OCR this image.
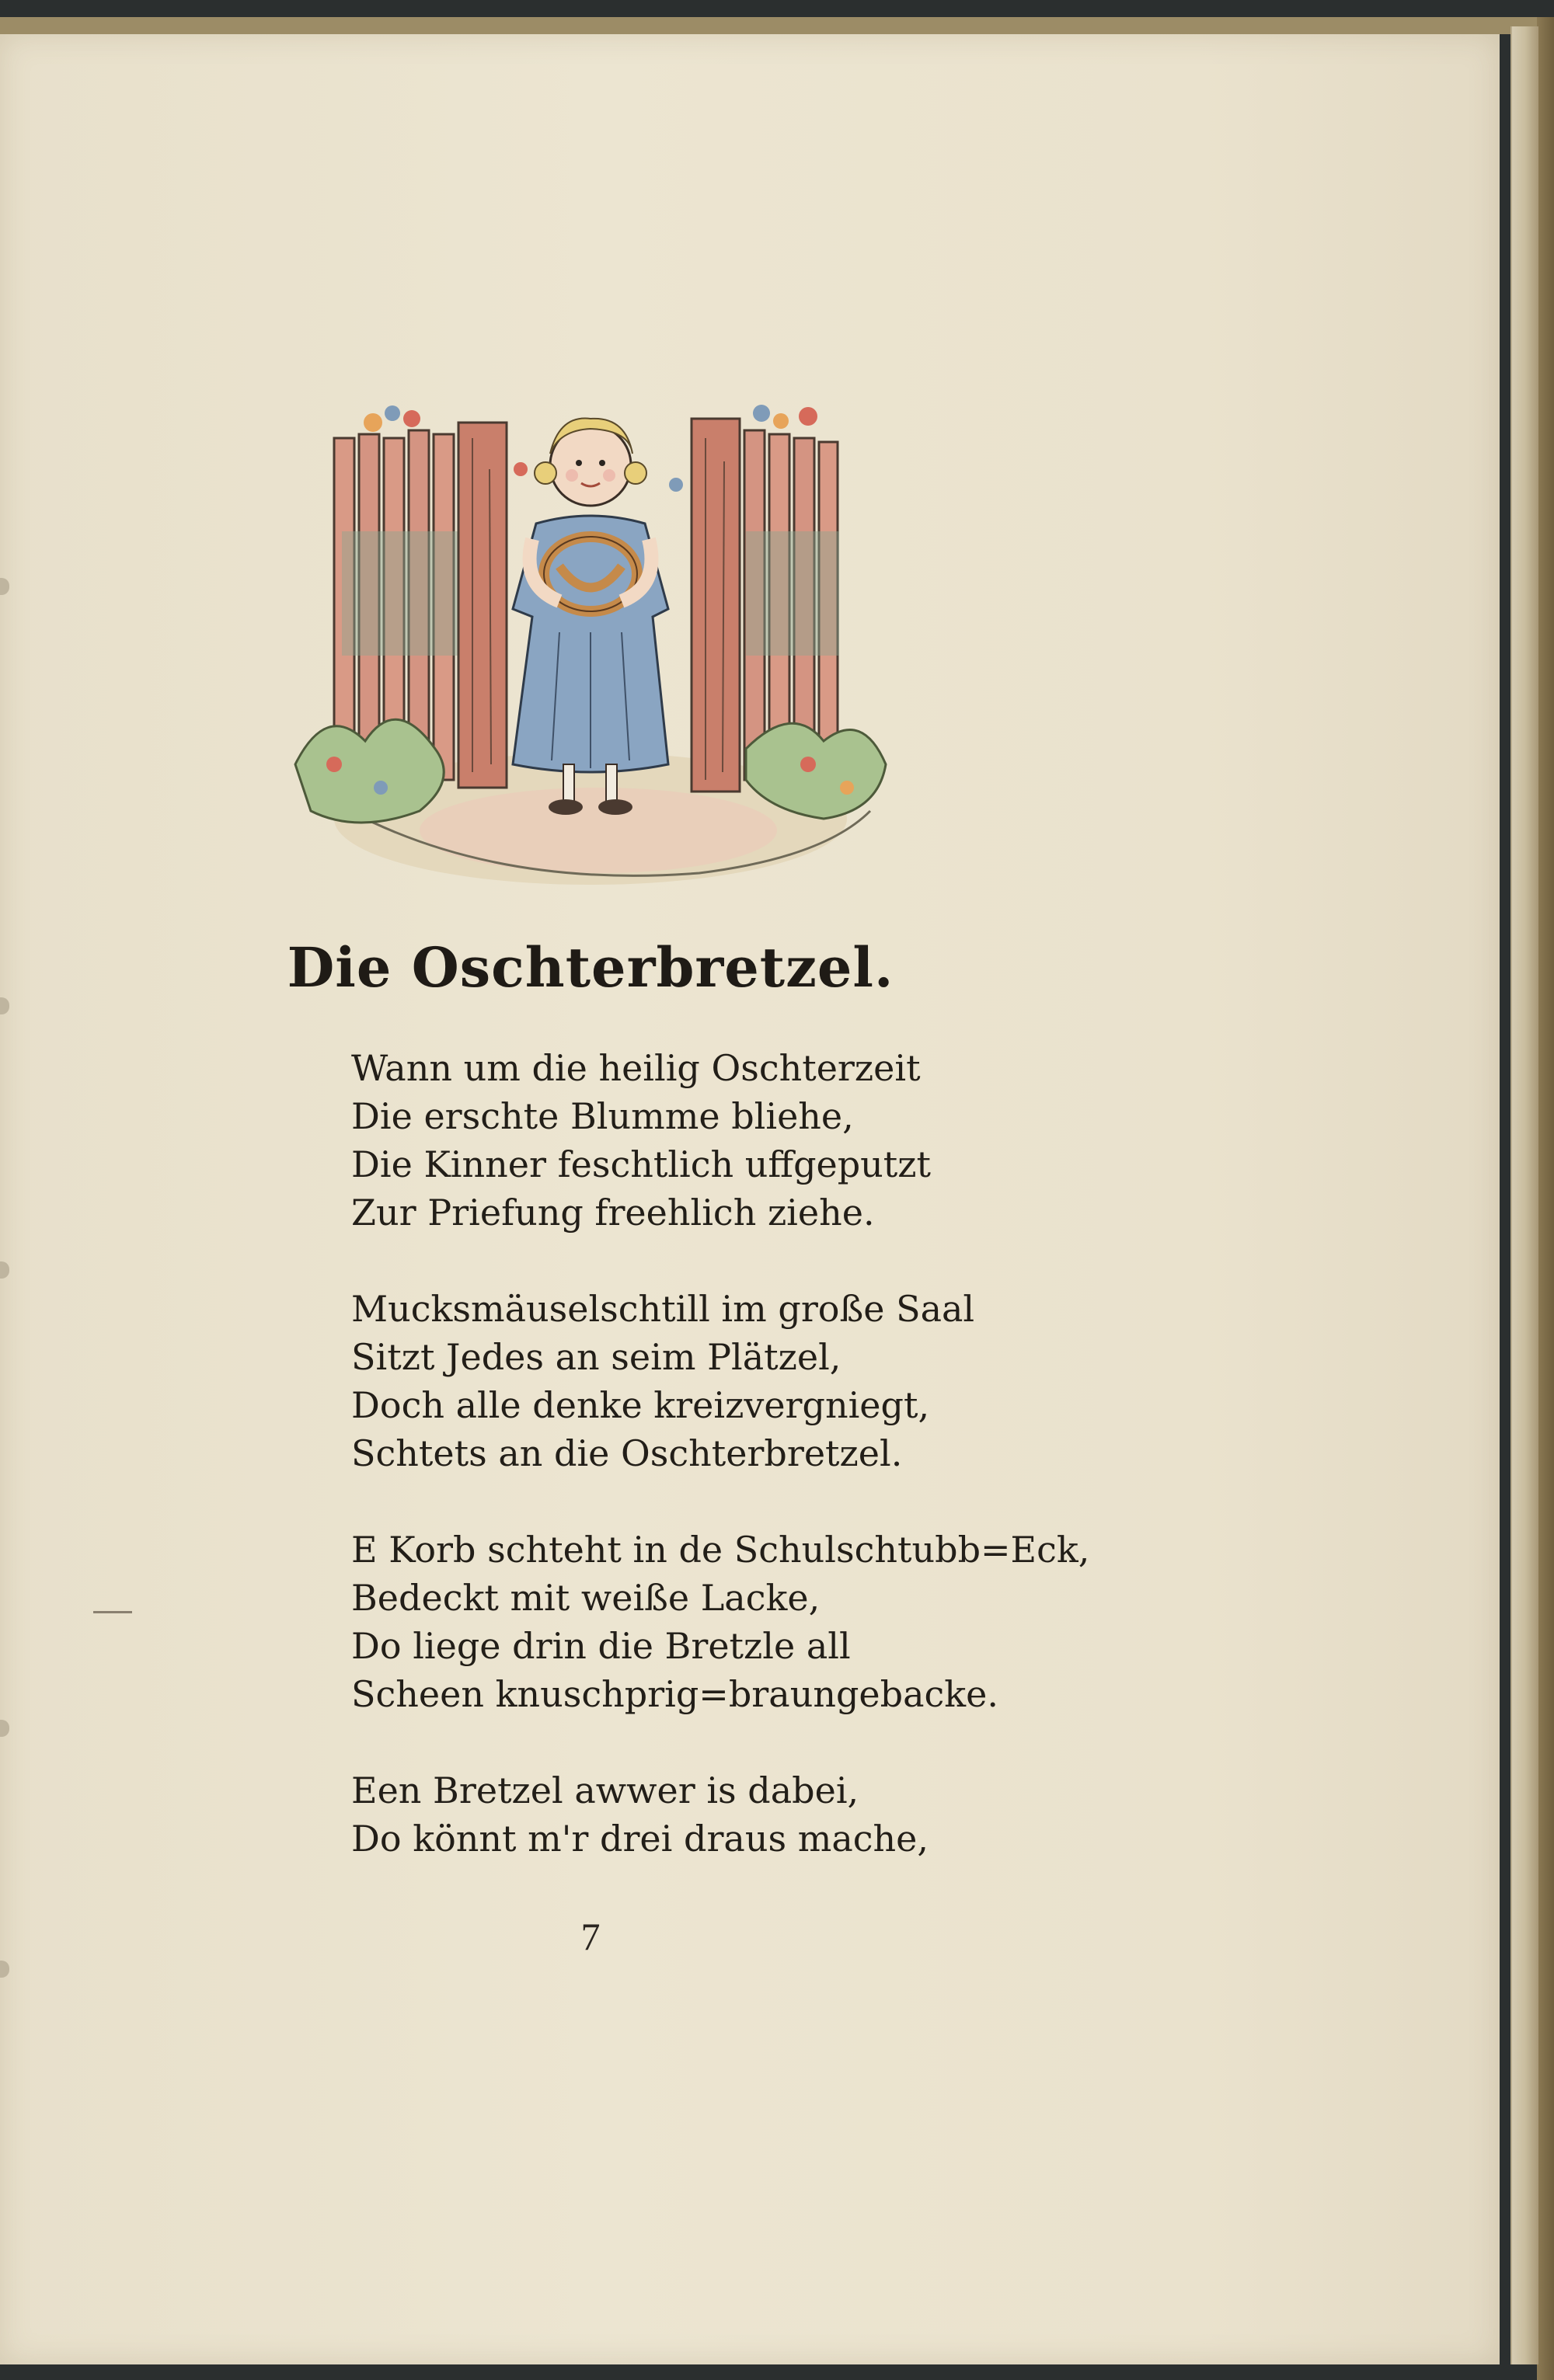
Die Oschterbretzel.
Wann um die heilig Oschterzeit
Die erschte Blumme bliehe,
Die Kinner feschtlich uffgeputzt
Zur Priefung freehlich ziehe.
Mucksmäuselschtill im große Saal
Sitzt Jedes an seim Plätzel,
Doch alle denke kreizvergniegt,
Schtets an die Oschterbretzel.
E Korb schteht in de Schulschtubb=Eck,
Bedeckt mit weiße Lacke,
Do liege drin die Bretzle all
Scheen knuschprig=braungebacke.
Een Bretzel awwer is dabei,
Do könnt m'r drei draus mache,
7
